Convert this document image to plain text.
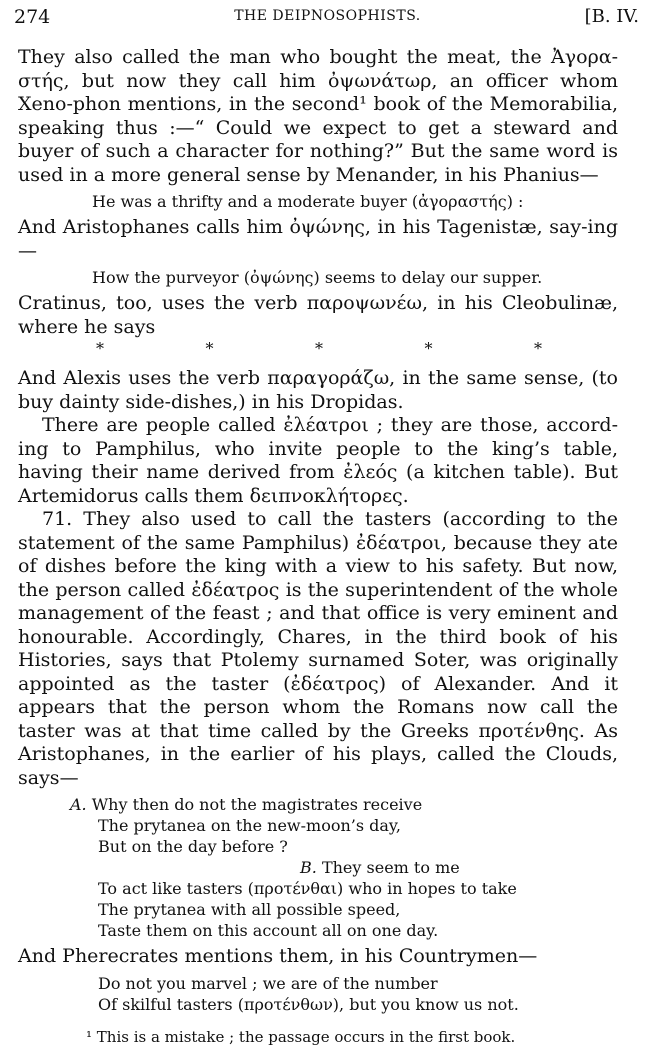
274	THE DEIPNOSOPHISTS.	[B. IV.

They also called the man who bought the meat, the Ἀγορα-στής, but now they call him ὀψωνάτωρ, an officer whom Xeno-phon mentions, in the second¹ book of the Memorabilia, speaking thus :—“ Could we expect to get a steward and buyer of such a character for nothing?” But the same word is used in a more general sense by Menander, in his Phanius—

He was a thrifty and a moderate buyer (ἀγοραστής) :

And Aristophanes calls him ὀψώνης, in his Tagenistæ, say-ing—

How the purveyor (ὀψώνης) seems to delay our supper.

Cratinus, too, uses the verb παροψωνέω, in his Cleobulinæ, where he says

*	*	*	*	*

And Alexis uses the verb παραγοράζω, in the same sense, (to buy dainty side-dishes,) in his Dropidas.

There are people called ἐλέατροι ; they are those, accord-ing to Pamphilus, who invite people to the king’s table, having their name derived from ἐλεός (a kitchen table). But Artemidorus calls them δειπνοκλήτορες.

71. They also used to call the tasters (according to the statement of the same Pamphilus) ἐδέατροι, because they ate of dishes before the king with a view to his safety. But now, the person called ἐδέατρος is the superintendent of the whole management of the feast ; and that office is very eminent and honourable. Accordingly, Chares, in the third book of his Histories, says that Ptolemy surnamed Soter, was originally appointed as the taster (ἐδέατρος) of Alexander. And it appears that the person whom the Romans now call the taster was at that time called by the Greeks προτένθης. As Aristophanes, in the earlier of his plays, called the Clouds, says—

A. Why then do not the magistrates receive

The prytanea on the new-moon’s day,

But on the day before ?

B. They seem to me

To act like tasters (προτένθαι) who in hopes to take

The prytanea with all possible speed,

Taste them on this account all on one day.

And Pherecrates mentions them, in his Countrymen—

Do not you marvel ; we are of the number

Of skilful tasters (προτένθων), but you know us not.

¹ This is a mistake ; the passage occurs in the first book.
